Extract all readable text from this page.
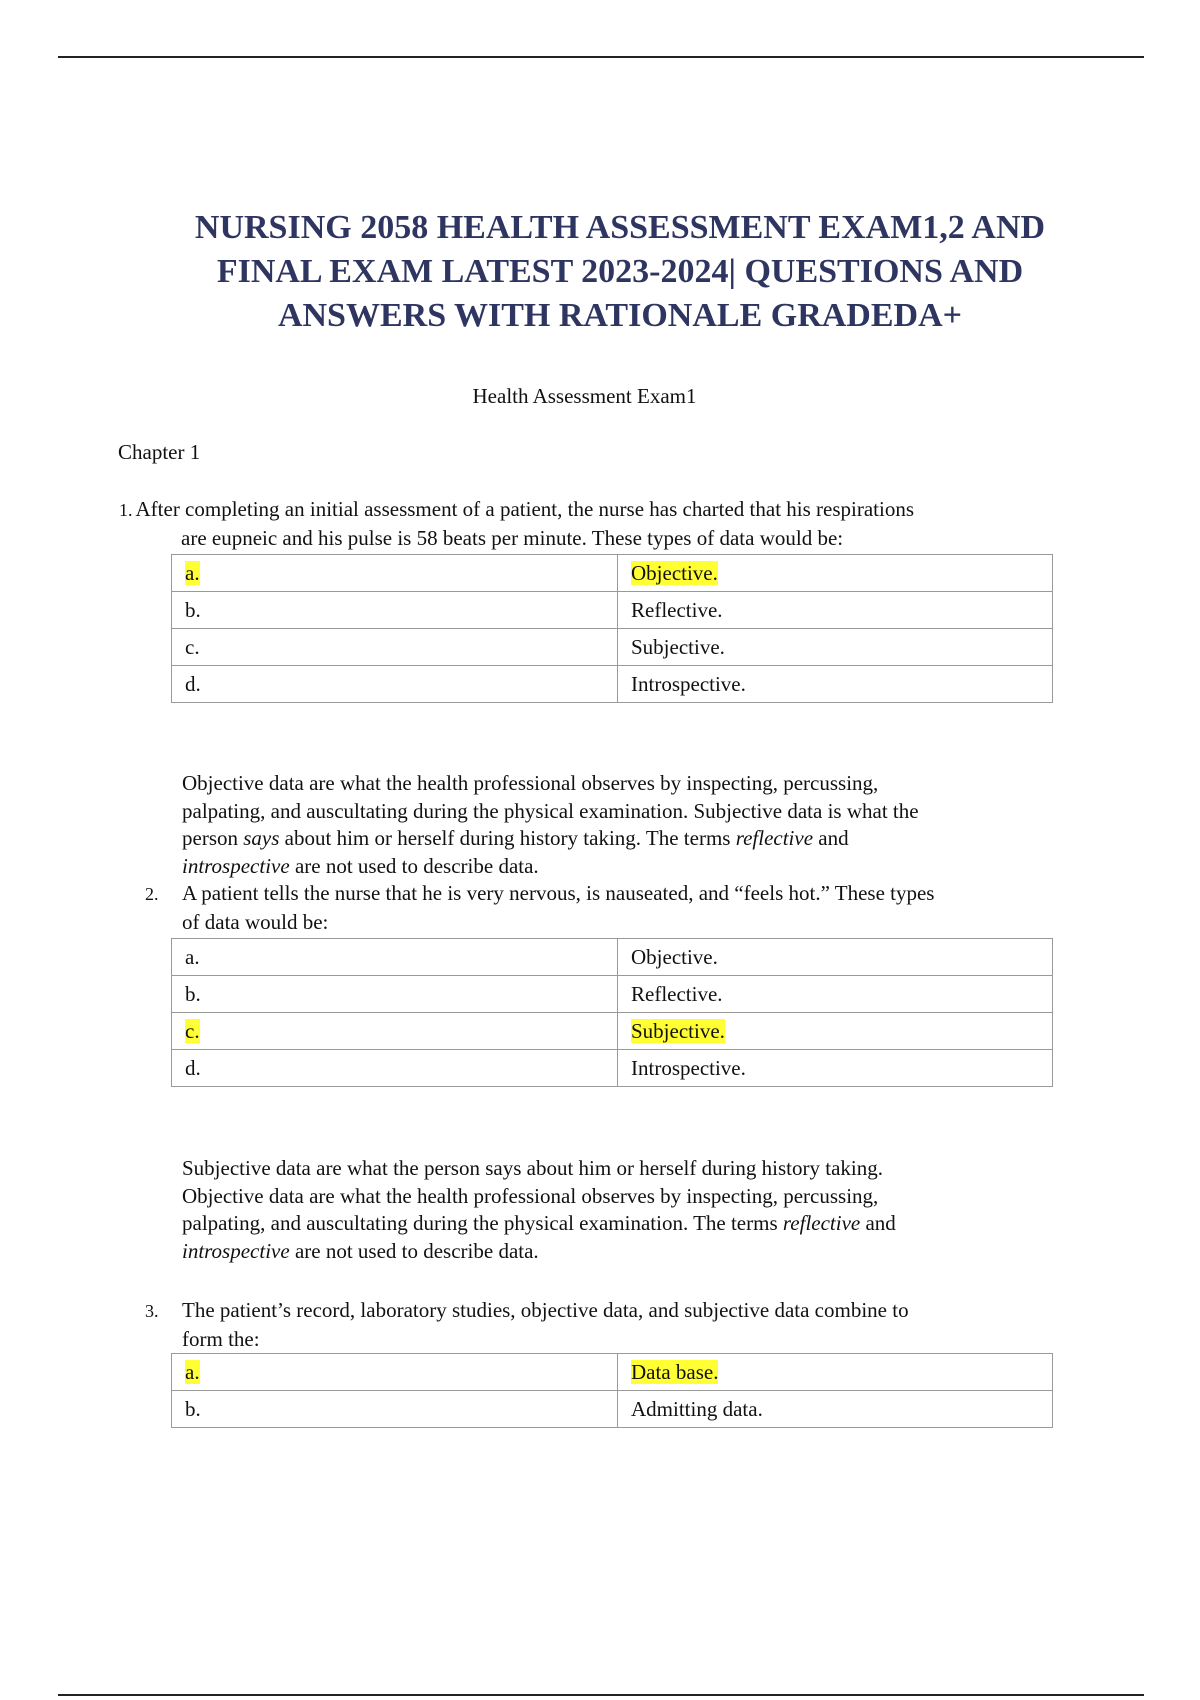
NURSING 2058 HEALTH ASSESSMENT EXAM1,2 AND
FINAL EXAM LATEST 2023-2024| QUESTIONS AND
ANSWERS WITH RATIONALE GRADEDA+
Health Assessment Exam1
Chapter 1
1. After completing an initial assessment of a patient, the nurse has charted that his respirations
are eupneic and his pulse is 58 beats per minute. These types of data would be:
a.	Objective.
b.	Reflective.
c.	Subjective.
d.	Introspective.
Objective data are what the health professional observes by inspecting, percussing,
palpating, and auscultating during the physical examination. Subjective data is what the
person says about him or herself during history taking. The terms reflective and
introspective are not used to describe data.
2. A patient tells the nurse that he is very nervous, is nauseated, and “feels hot.” These types
of data would be:
a.	Objective.
b.	Reflective.
c.	Subjective.
d.	Introspective.
Subjective data are what the person says about him or herself during history taking.
Objective data are what the health professional observes by inspecting, percussing,
palpating, and auscultating during the physical examination. The terms reflective and
introspective are not used to describe data.
3. The patient’s record, laboratory studies, objective data, and subjective data combine to
form the:
a.	Data base.
b.	Admitting data.
